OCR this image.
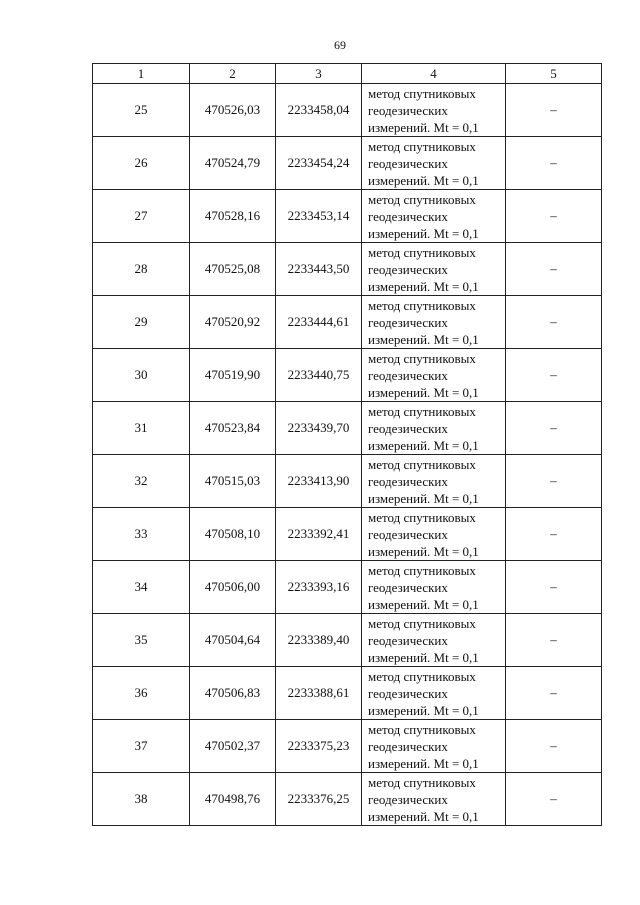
69
1	2	3	4	5
25	470526,03	2233458,04	метод спутниковых
геодезических
измерений. Mt = 0,1	–
26	470524,79	2233454,24	метод спутниковых
геодезических
измерений. Mt = 0,1	–
27	470528,16	2233453,14	метод спутниковых
геодезических
измерений. Mt = 0,1	–
28	470525,08	2233443,50	метод спутниковых
геодезических
измерений. Mt = 0,1	–
29	470520,92	2233444,61	метод спутниковых
геодезических
измерений. Mt = 0,1	–
30	470519,90	2233440,75	метод спутниковых
геодезических
измерений. Mt = 0,1	–
31	470523,84	2233439,70	метод спутниковых
геодезических
измерений. Mt = 0,1	–
32	470515,03	2233413,90	метод спутниковых
геодезических
измерений. Mt = 0,1	–
33	470508,10	2233392,41	метод спутниковых
геодезических
измерений. Mt = 0,1	–
34	470506,00	2233393,16	метод спутниковых
геодезических
измерений. Mt = 0,1	–
35	470504,64	2233389,40	метод спутниковых
геодезических
измерений. Mt = 0,1	–
36	470506,83	2233388,61	метод спутниковых
геодезических
измерений. Mt = 0,1	–
37	470502,37	2233375,23	метод спутниковых
геодезических
измерений. Mt = 0,1	–
38	470498,76	2233376,25	метод спутниковых
геодезических
измерений. Mt = 0,1	–
